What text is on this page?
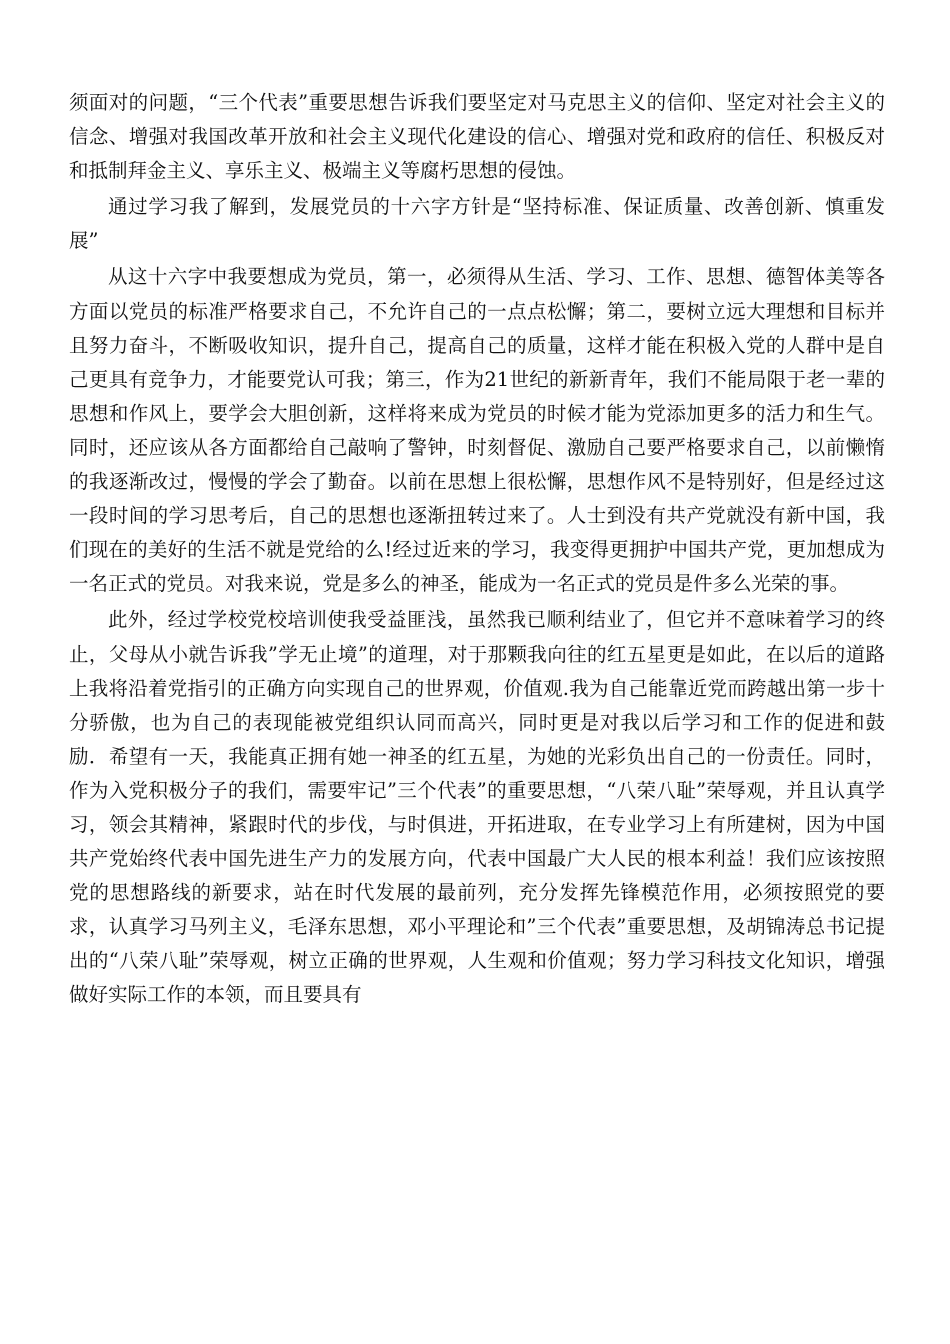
须面对的问题，“三个代表”重要思想告诉我们要坚定对马克思主义的信仰、坚定对社会主义的信念、增强对我国改革开放和社会主义现代化建设的信心、增强对党和政府的信任、积极反对和抵制拜金主义、享乐主义、极端主义等腐朽思想的侵蚀。

通过学习我了解到，发展党员的十六字方针是“坚持标准、保证质量、改善创新、慎重发展”

从这十六字中我要想成为党员，第一，必须得从生活、学习、工作、思想、德智体美等各方面以党员的标准严格要求自己，不允许自己的一点点松懈；第二，要树立远大理想和目标并且努力奋斗，不断吸收知识，提升自己，提高自己的质量，这样才能在积极入党的人群中是自己更具有竞争力，才能要党认可我；第三，作为21世纪的新新青年，我们不能局限于老一辈的思想和作风上，要学会大胆创新，这样将来成为党员的时候才能为党添加更多的活力和生气。同时，还应该从各方面都给自己敲响了警钟，时刻督促、激励自己要严格要求自己，以前懒惰的我逐渐改过，慢慢的学会了勤奋。以前在思想上很松懈，思想作风不是特别好，但是经过这一段时间的学习思考后，自己的思想也逐渐扭转过来了。人士到没有共产党就没有新中国，我们现在的美好的生活不就是党给的么!经过近来的学习，我变得更拥护中国共产党，更加想成为一名正式的党员。对我来说，党是多么的神圣，能成为一名正式的党员是件多么光荣的事。

此外，经过学校党校培训使我受益匪浅，虽然我已顺利结业了，但它并不意味着学习的终止，父母从小就告诉我”学无止境”的道理，对于那颗我向往的红五星更是如此，在以后的道路上我将沿着党指引的正确方向实现自己的世界观，价值观.我为自己能靠近党而跨越出第一步十分骄傲，也为自己的表现能被党组织认同而高兴，同时更是对我以后学习和工作的促进和鼓励．希望有一天，我能真正拥有她一神圣的红五星，为她的光彩负出自己的一份责任。同时，作为入党积极分子的我们，需要牢记”三个代表”的重要思想，“八荣八耻”荣辱观，并且认真学习，领会其精神，紧跟时代的步伐，与时俱进，开拓进取，在专业学习上有所建树，因为中国共产党始终代表中国先进生产力的发展方向，代表中国最广大人民的根本利益！我们应该按照党的思想路线的新要求，站在时代发展的最前列，充分发挥先锋模范作用，必须按照党的要求，认真学习马列主义，毛泽东思想，邓小平理论和”三个代表”重要思想，及胡锦涛总书记提出的“八荣八耻”荣辱观，树立正确的世界观，人生观和价值观；努力学习科技文化知识，增强做好实际工作的本领，而且要具有
